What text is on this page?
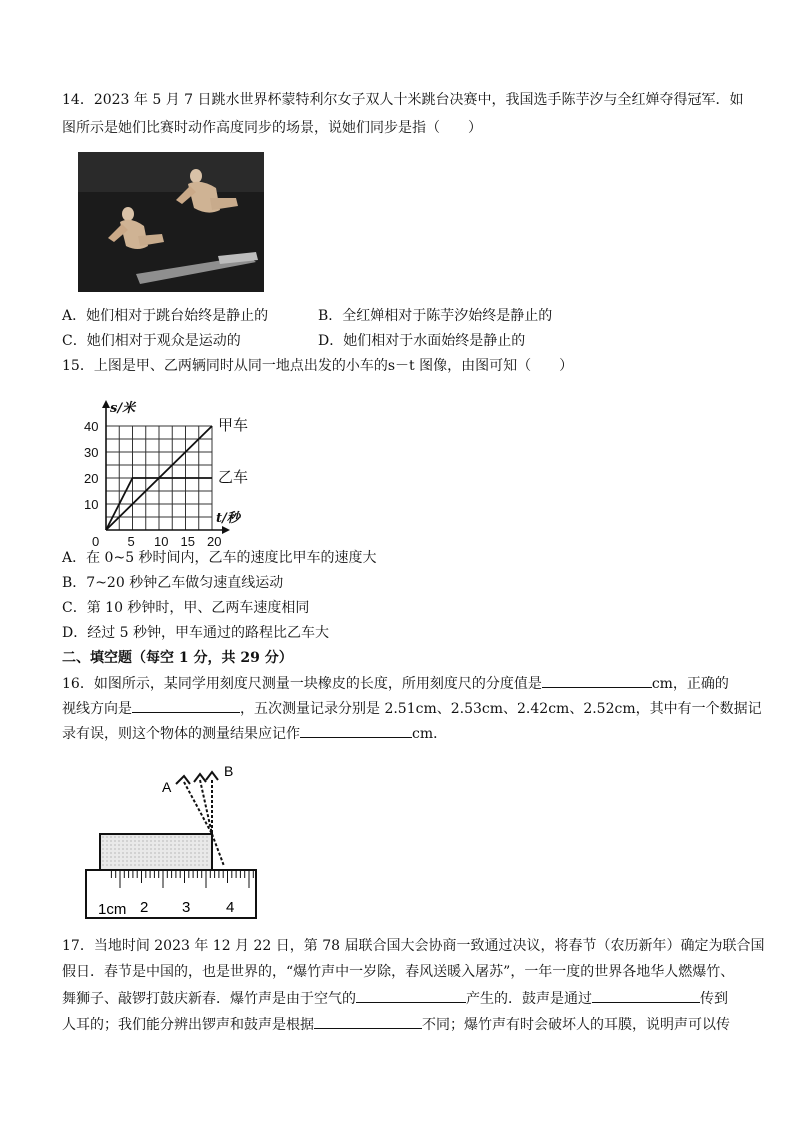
14．2023 年 5 月 7 日跳水世界杯蒙特利尔女子双人十米跳台决赛中，我国选手陈芋汐与全红婵夺得冠军．如
图所示是她们比赛时动作高度同步的场景，说她们同步是指（　　）
A．她们相对于跳台始终是静止的	B．全红婵相对于陈芋汐始终是静止的
C．她们相对于观众是运动的	D．她们相对于水面始终是静止的
15．上图是甲、乙两辆同时从同一地点出发的小车的s－t 图像，由图可知（　　）
甲车
乙车
0 5 10 15 20
10
20
30
40
s/米
t/秒
A．在 0~5 秒时间内，乙车的速度比甲车的速度大
B．7~20 秒钟乙车做匀速直线运动
C．第 10 秒钟时，甲、乙两车速度相同
D．经过 5 秒钟，甲车通过的路程比乙车大
二、填空题（每空 1 分，共 29 分）
16．如图所示，某同学用刻度尺测量一块橡皮的长度，所用刻度尺的分度值是	cm，正确的
视线方向是	，五次测量记录分别是 2.51cm、2.53cm、2.42cm、2.52cm，其中有一个数据记
录有误，则这个物体的测量结果应记作	cm．
A
B
1cm 2 3 4
17．当地时间 2023 年 12 月 22 日，第 78 届联合国大会协商一致通过决议，将春节（农历新年）确定为联合国
假日．春节是中国的，也是世界的，“爆竹声中一岁除，春风送暖入屠苏”，一年一度的世界各地华人燃爆竹、
舞狮子、敲锣打鼓庆新春．爆竹声是由于空气的	产生的．鼓声是通过	传到
人耳的；我们能分辨出锣声和鼓声是根据	不同；爆竹声有时会破坏人的耳膜，说明声可以传
